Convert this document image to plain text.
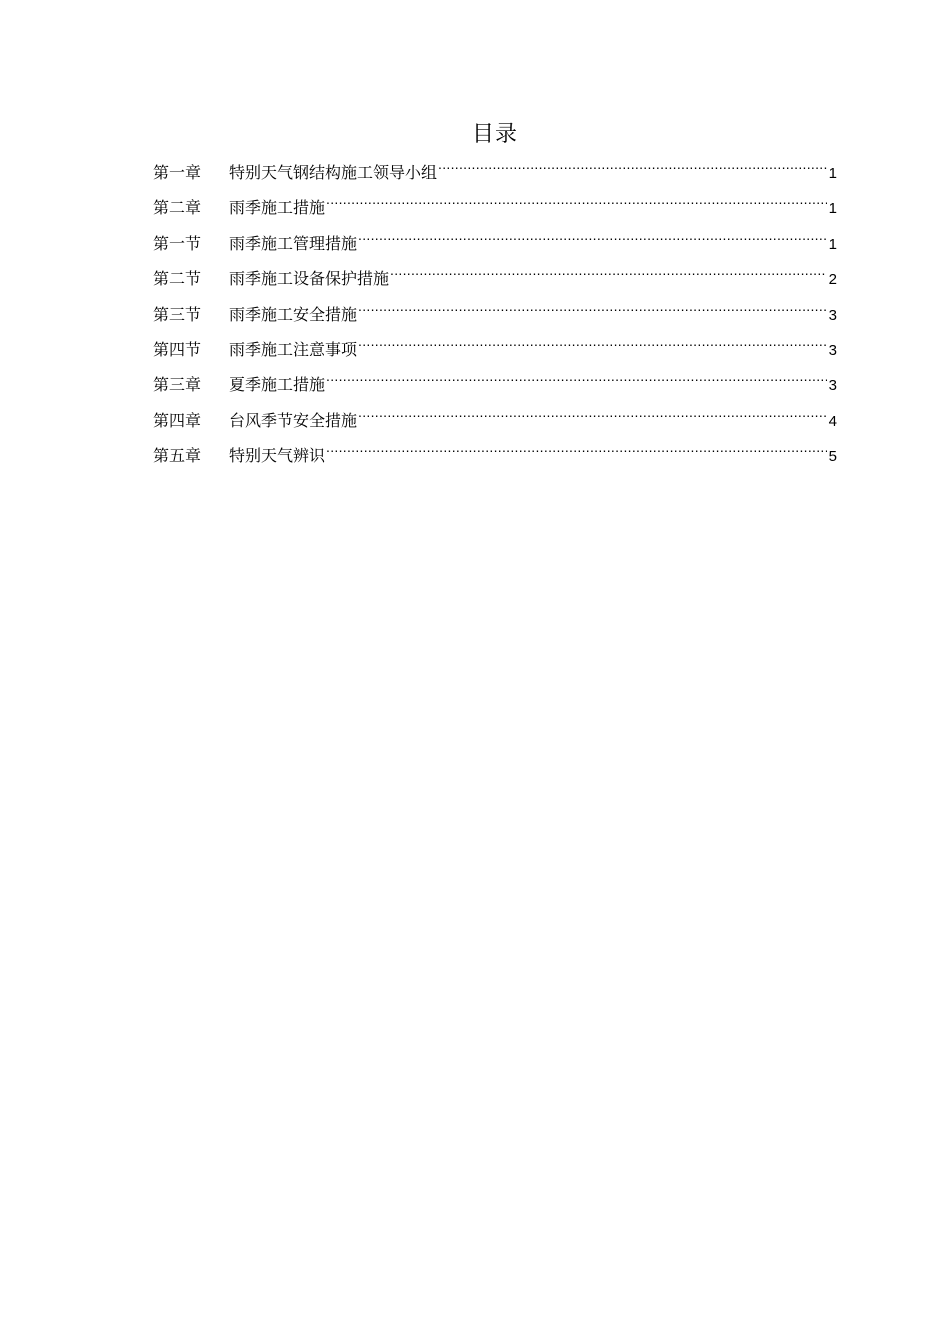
目录
第一章	特别天气钢结构施工领导小组 .....	1
第二章	雨季施工措施 .....	1
第一节	雨季施工管理措施 .....	1
第二节	雨季施工设备保护措施 .....	2
第三节	雨季施工安全措施 .....	3
第四节	雨季施工注意事项 .....	3
第三章	夏季施工措施 .....	3
第四章	台风季节安全措施 .....	4
第五章	特别天气辨识 .....	5
